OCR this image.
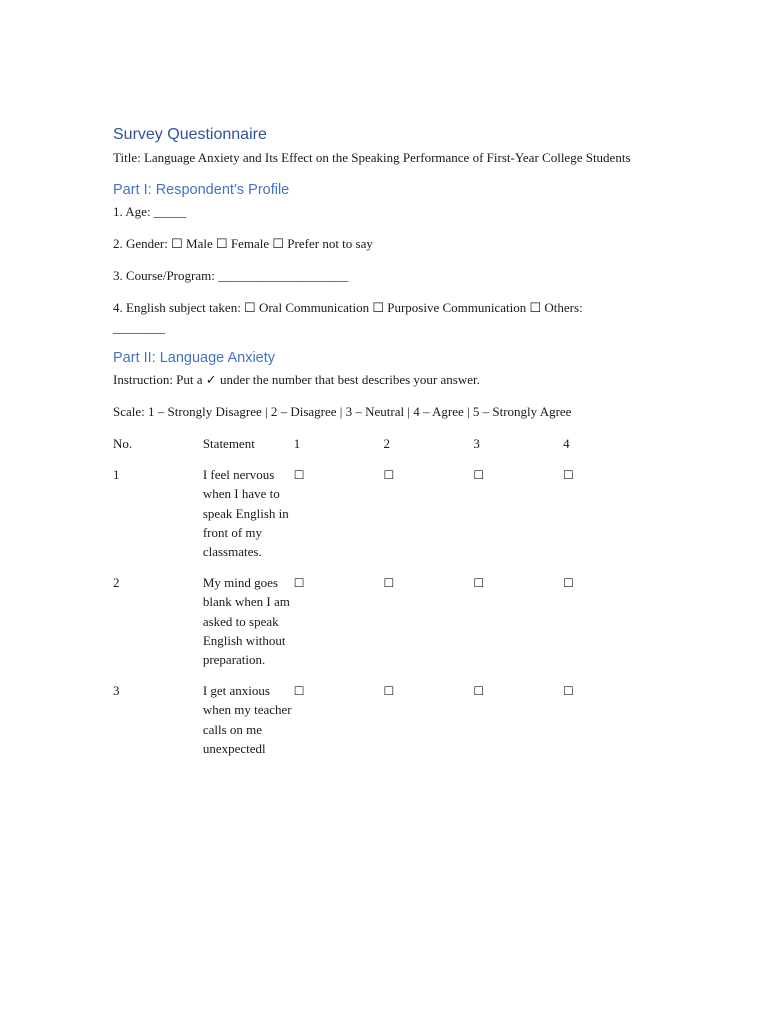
Survey Questionnaire

Title: Language Anxiety and Its Effect on the Speaking Performance of First-Year College Students

Part I: Respondent’s Profile

1. Age: _____

2. Gender: ☐ Male ☐ Female ☐ Prefer not to say

3. Course/Program: ____________________

4. English subject taken: ☐ Oral Communication ☐ Purposive Communication ☐ Others:

________

Part II: Language Anxiety

Instruction: Put a ✓ under the number that best describes your answer.

Scale: 1 – Strongly Disagree | 2 – Disagree | 3 – Neutral | 4 – Agree | 5 – Strongly Agree

No.	Statement	1	2	3	4
1	I feel nervous when I have to speak English in front of my classmates.	☐	☐	☐	☐
2	My mind goes blank when I am asked to speak English without preparation.	☐	☐	☐	☐
3	I get anxious when my teacher calls on me unexpectedl	☐	☐	☐	☐
